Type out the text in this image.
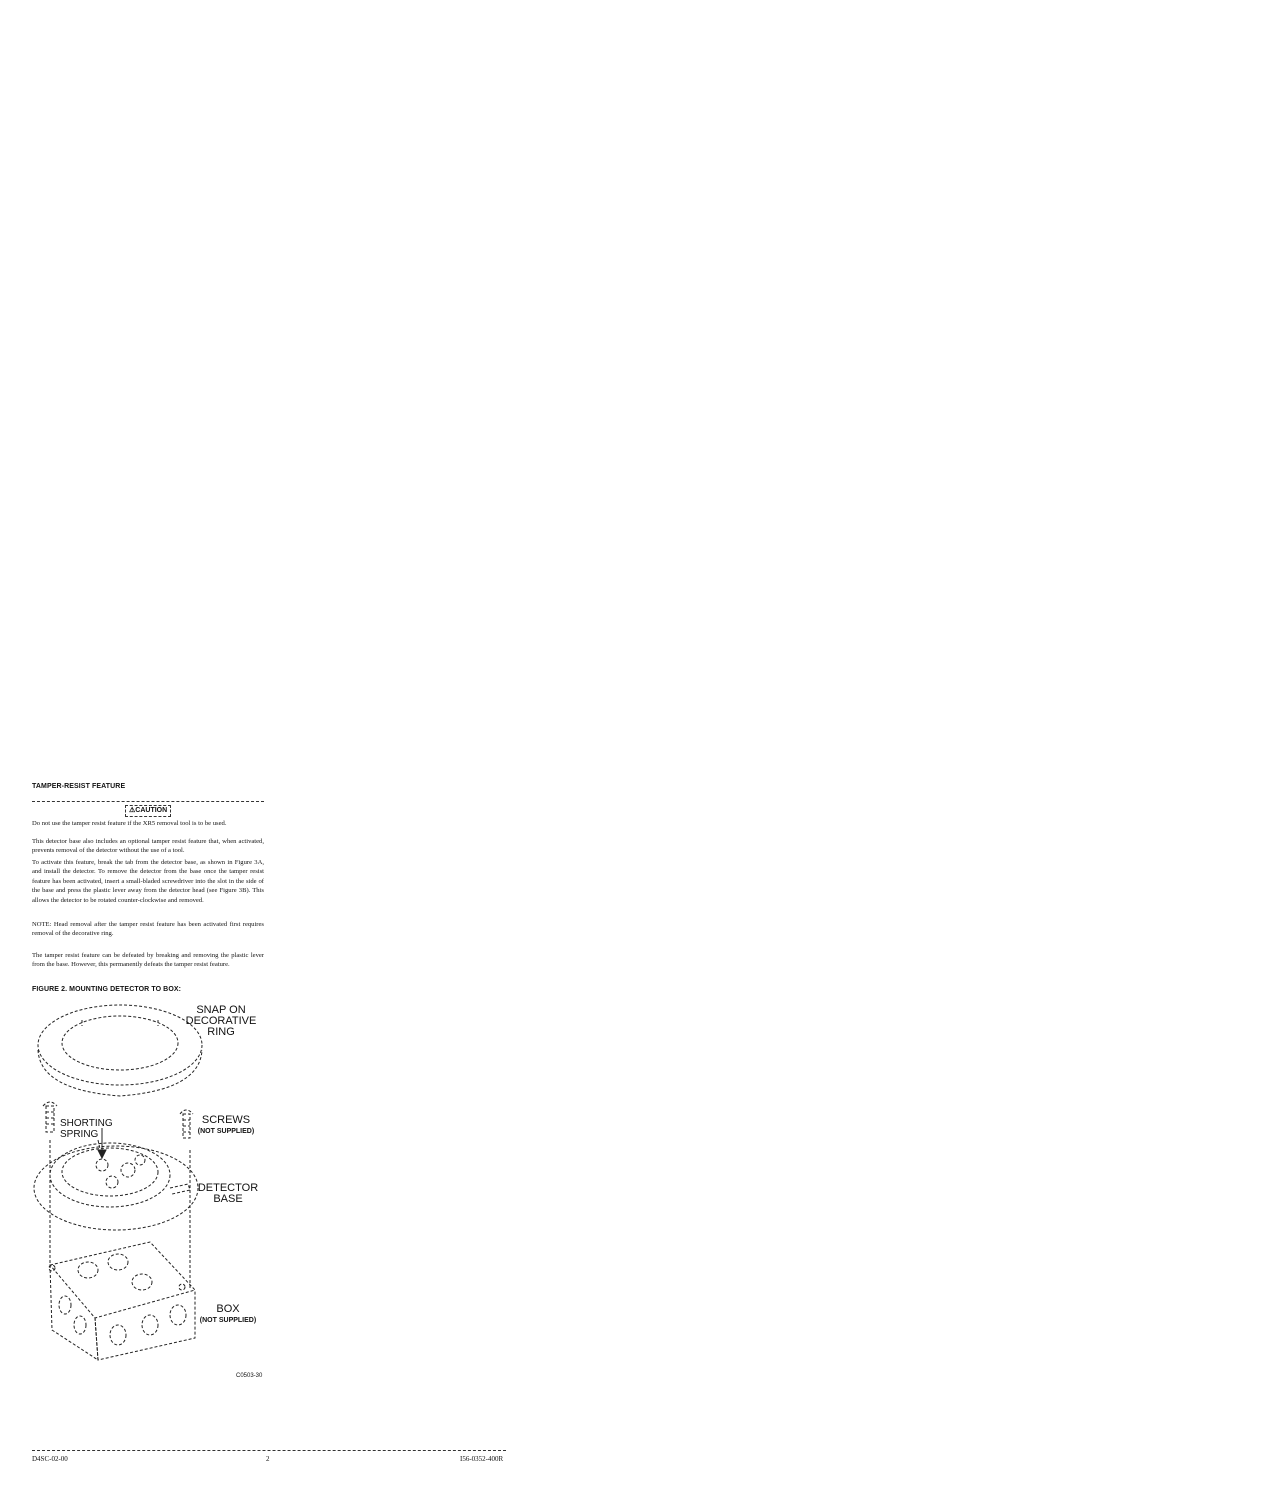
TAMPER-RESIST FEATURE
⚠CAUTION
Do not use the tamper resist feature if the XR5 removal tool is to be used.
This detector base also includes an optional tamper resist feature that, when activated, prevents removal of the detector without the use of a tool.
To activate this feature, break the tab from the detector base, as shown in Figure 3A, and install the detector. To remove the detector from the base once the tamper resist feature has been activated, insert a small-bladed screwdriver into the slot in the side of the base and press the plastic lever away from the detector head (see Figure 3B). This allows the detector to be rotated counter-clockwise and removed.
NOTE: Head removal after the tamper resist feature has been activated first requires removal of the decorative ring.
The tamper resist feature can be defeated by breaking and removing the plastic lever from the base. However, this permanently defeats the tamper resist feature.
FIGURE 2. MOUNTING DETECTOR TO BOX:
SNAP ON
DECORATIVE
RING
SHORTING
SPRING
SCREWS
(NOT SUPPLIED)
DETECTOR
BASE
BOX
(NOT SUPPLIED)
C0503-30
D4SC-02-00	2	I56-0352-400R
